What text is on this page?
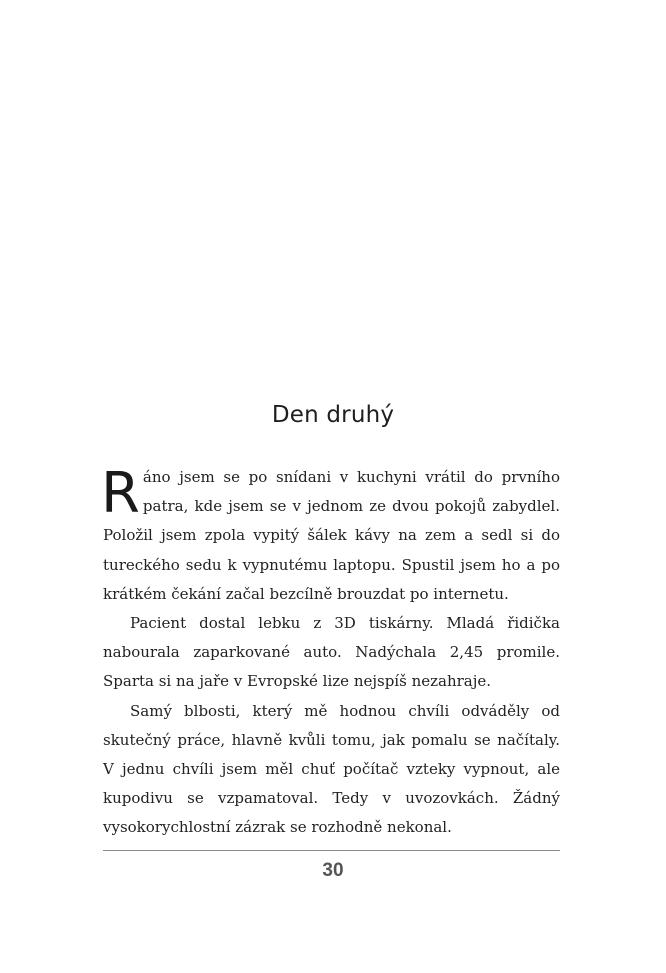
Den druhý

Ráno jsem se po snídani v kuchyni vrátil do prvního patra, kde jsem se v jednom ze dvou pokojů zabydlel. Položil jsem zpola vypitý šálek kávy na zem a sedl si do tureckého sedu k vypnutému laptopu. Spustil jsem ho a po krátkém čekání začal bezcílně brouzdat po internetu.

Pacient dostal lebku z 3D tiskárny. Mladá řidička nabourala zaparkované auto. Nadýchala 2,45 promile. Sparta si na jaře v Evropské lize nejspíš nezahraje.

Samý blbosti, který mě hodnou chvíli odváděly od skutečný práce, hlavně kvůli tomu, jak pomalu se načítaly. V jednu chvíli jsem měl chuť počítač vzteky vypnout, ale kupodivu se vzpamatoval. Tedy v uvozovkách. Žádný vysokorychlostní zázrak se rozhodně nekonal.

30
